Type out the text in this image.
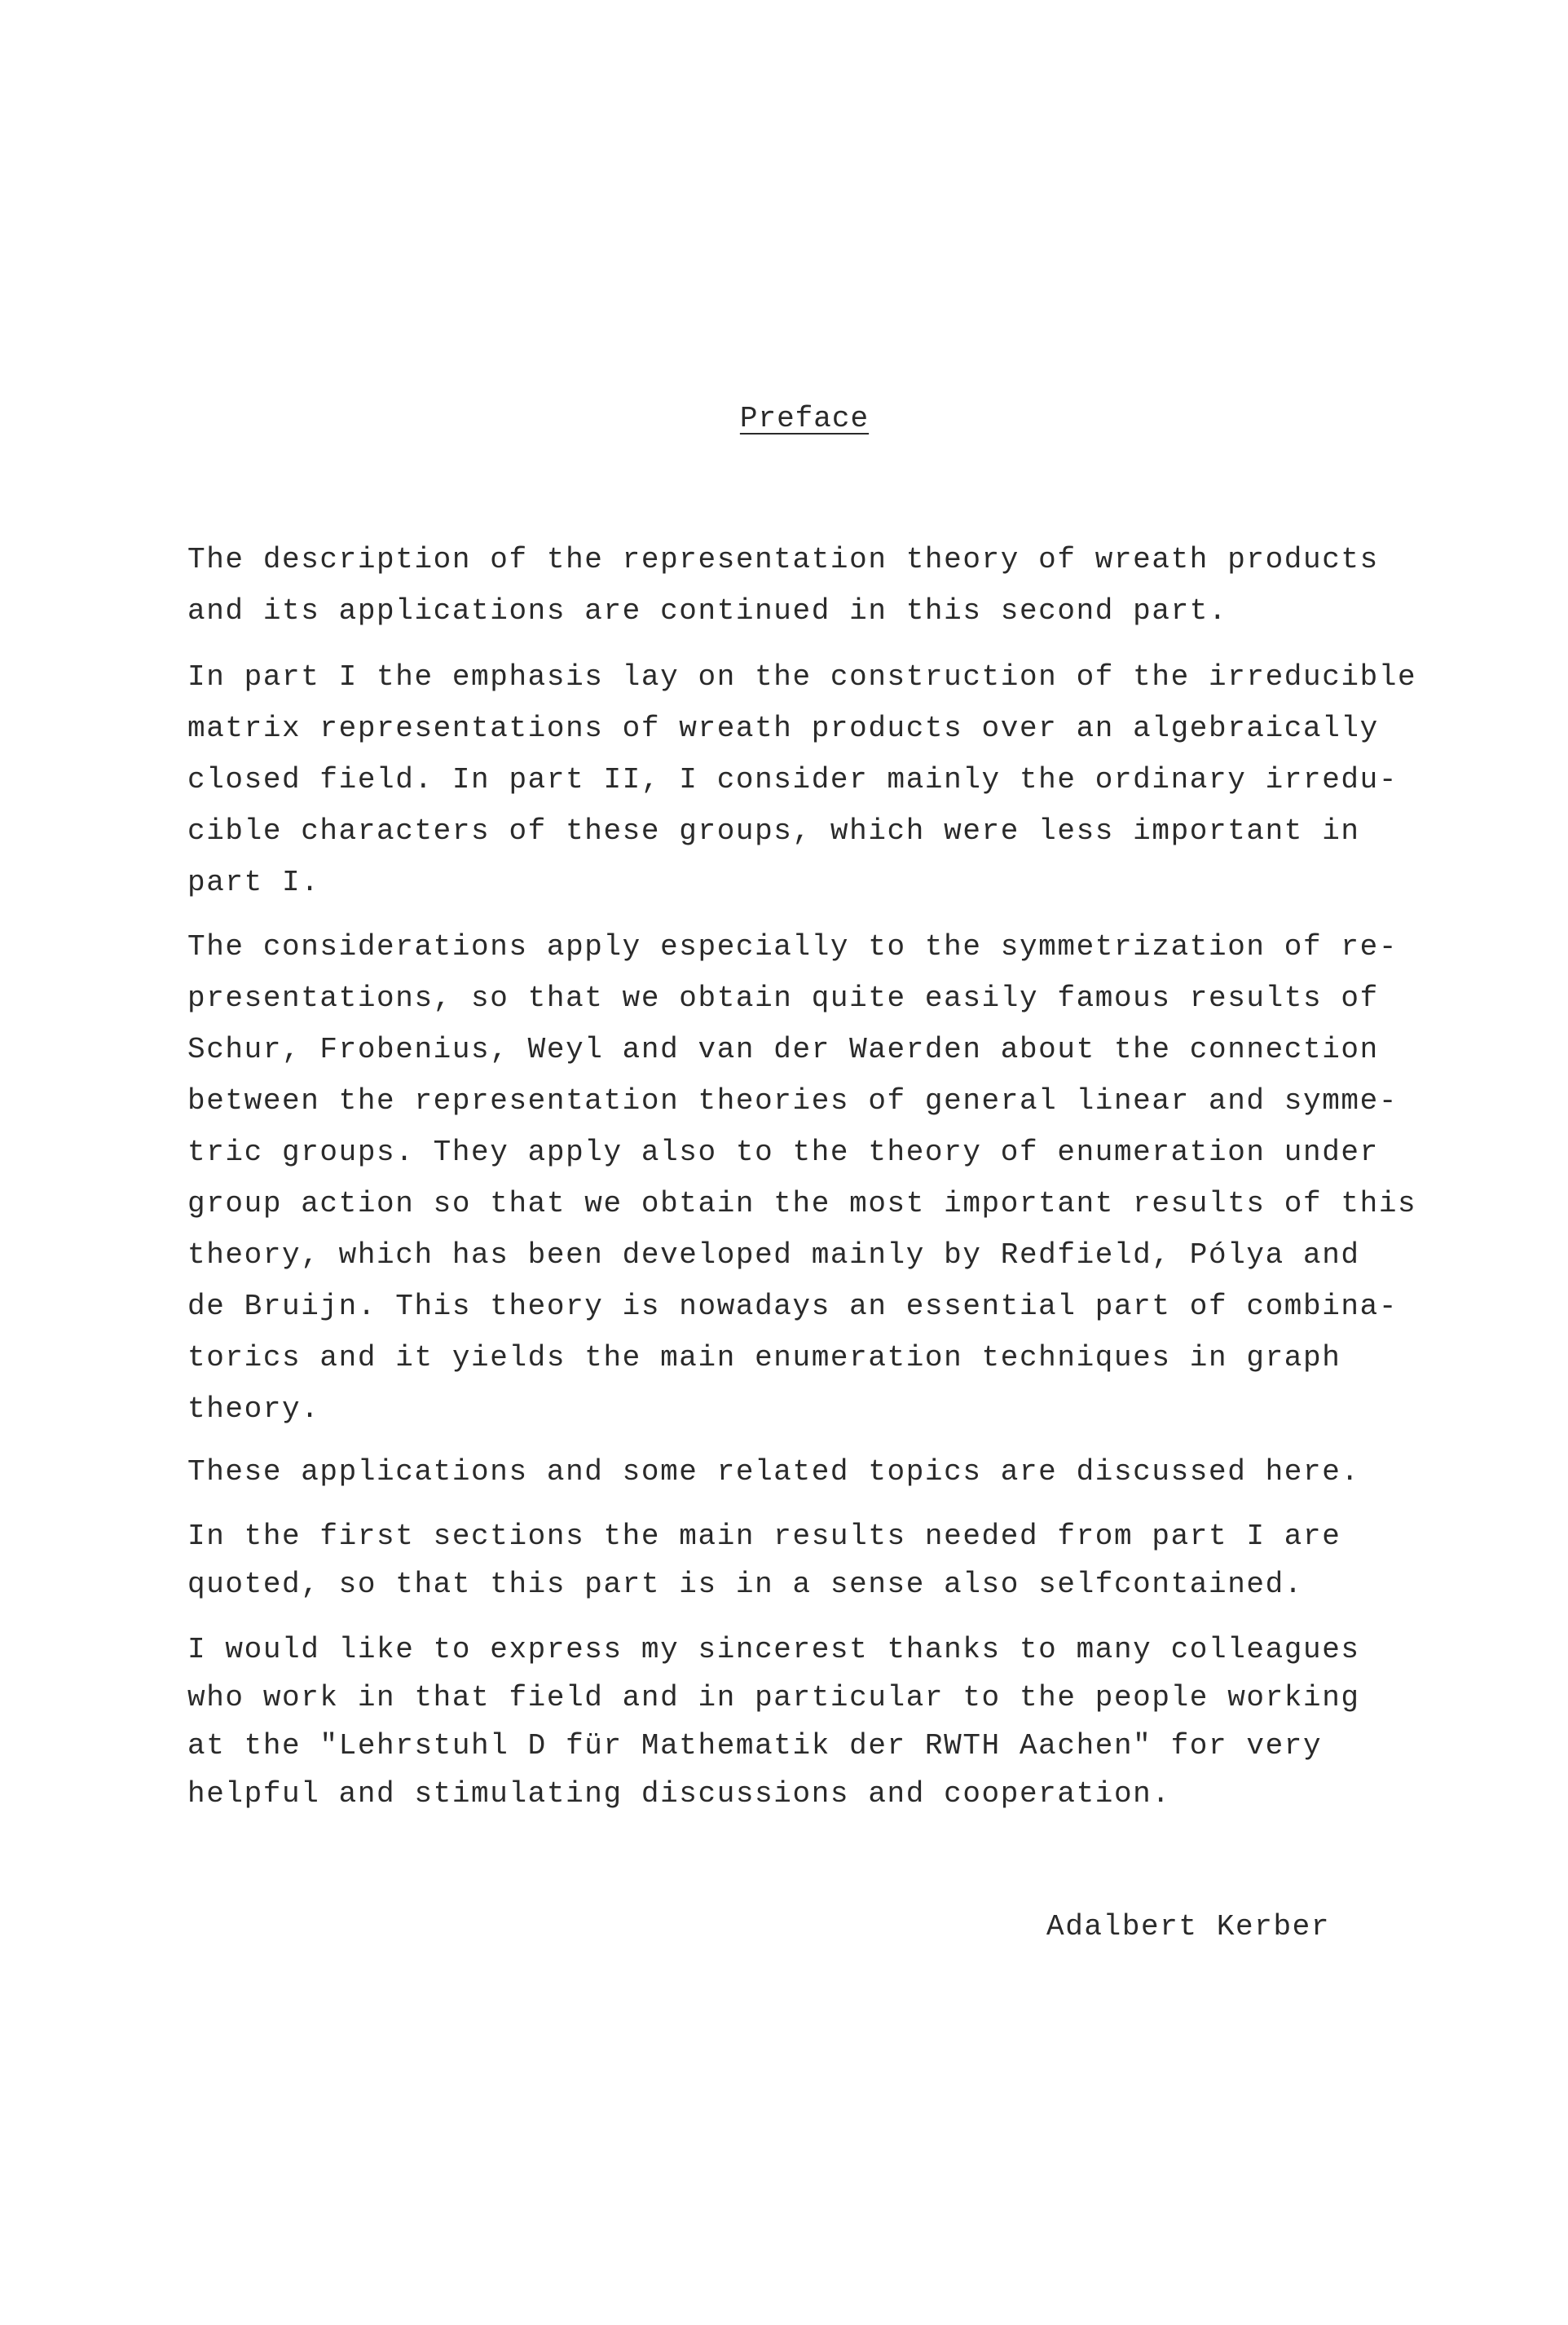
Preface
The description of the representation theory of wreath products
and its applications are continued in this second part.
In part I the emphasis lay on the construction of the irreducible
matrix representations of wreath products over an algebraically
closed field. In part II, I consider mainly the ordinary irredu-
cible characters of these groups, which were less important in
part I.
The considerations apply especially to the symmetrization of re-
presentations, so that we obtain quite easily famous results of
Schur, Frobenius, Weyl and van der Waerden about the connection
between the representation theories of general linear and symme-
tric groups. They apply also to the theory of enumeration under
group action so that we obtain the most important results of this
theory, which has been developed mainly by Redfield, Pólya and
de Bruijn. This theory is nowadays an essential part of combina-
torics and it yields the main enumeration techniques in graph
theory.
These applications and some related topics are discussed here.
In the first sections the main results needed from part I are
quoted, so that this part is in a sense also selfcontained.
I would like to express my sincerest thanks to many colleagues
who work in that field and in particular to the people working
at the "Lehrstuhl D für Mathematik der RWTH Aachen" for very
helpful and stimulating discussions and cooperation.
Adalbert Kerber
